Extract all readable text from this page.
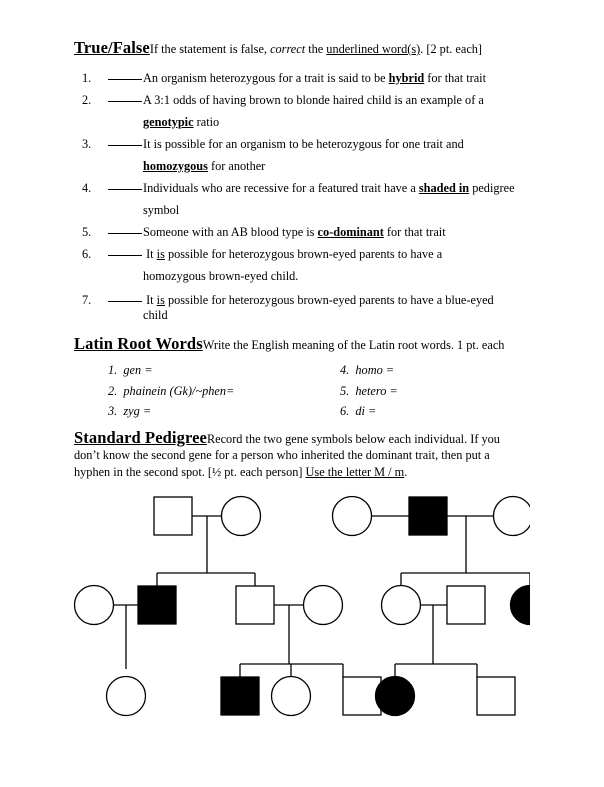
True/FalseIf the statement is false, correct the underlined word(s). [2 pt. each]
1.	An organism heterozygous for a trait is said to be hybrid for that trait
2.	A 3:1 odds of having brown to blonde haired child is an example of a
genotypic ratio
3.	It is possible for an organism to be heterozygous for one trait and
homozygous for another
4.	Individuals who are recessive for a featured trait have a shaded in pedigree
symbol
5.	Someone with an AB blood type is co-dominant for that trait
6.	It is possible for heterozygous brown-eyed parents to have a
homozygous brown-eyed child.
7.	It is possible for heterozygous brown-eyed parents to have a blue-eyed
child
Latin Root WordsWrite the English meaning of the Latin root words. 1 pt. each
1. gen =
2. phainein (Gk)/~phen=
3. zyg =
4. homo =
5. hetero =
6. di =
Standard PedigreeRecord the two gene symbols below each individual. If you
don’t know the second gene for a person who inherited the dominant trait, then put a
hyphen in the second spot. [½ pt. each person] Use the letter M / m.
